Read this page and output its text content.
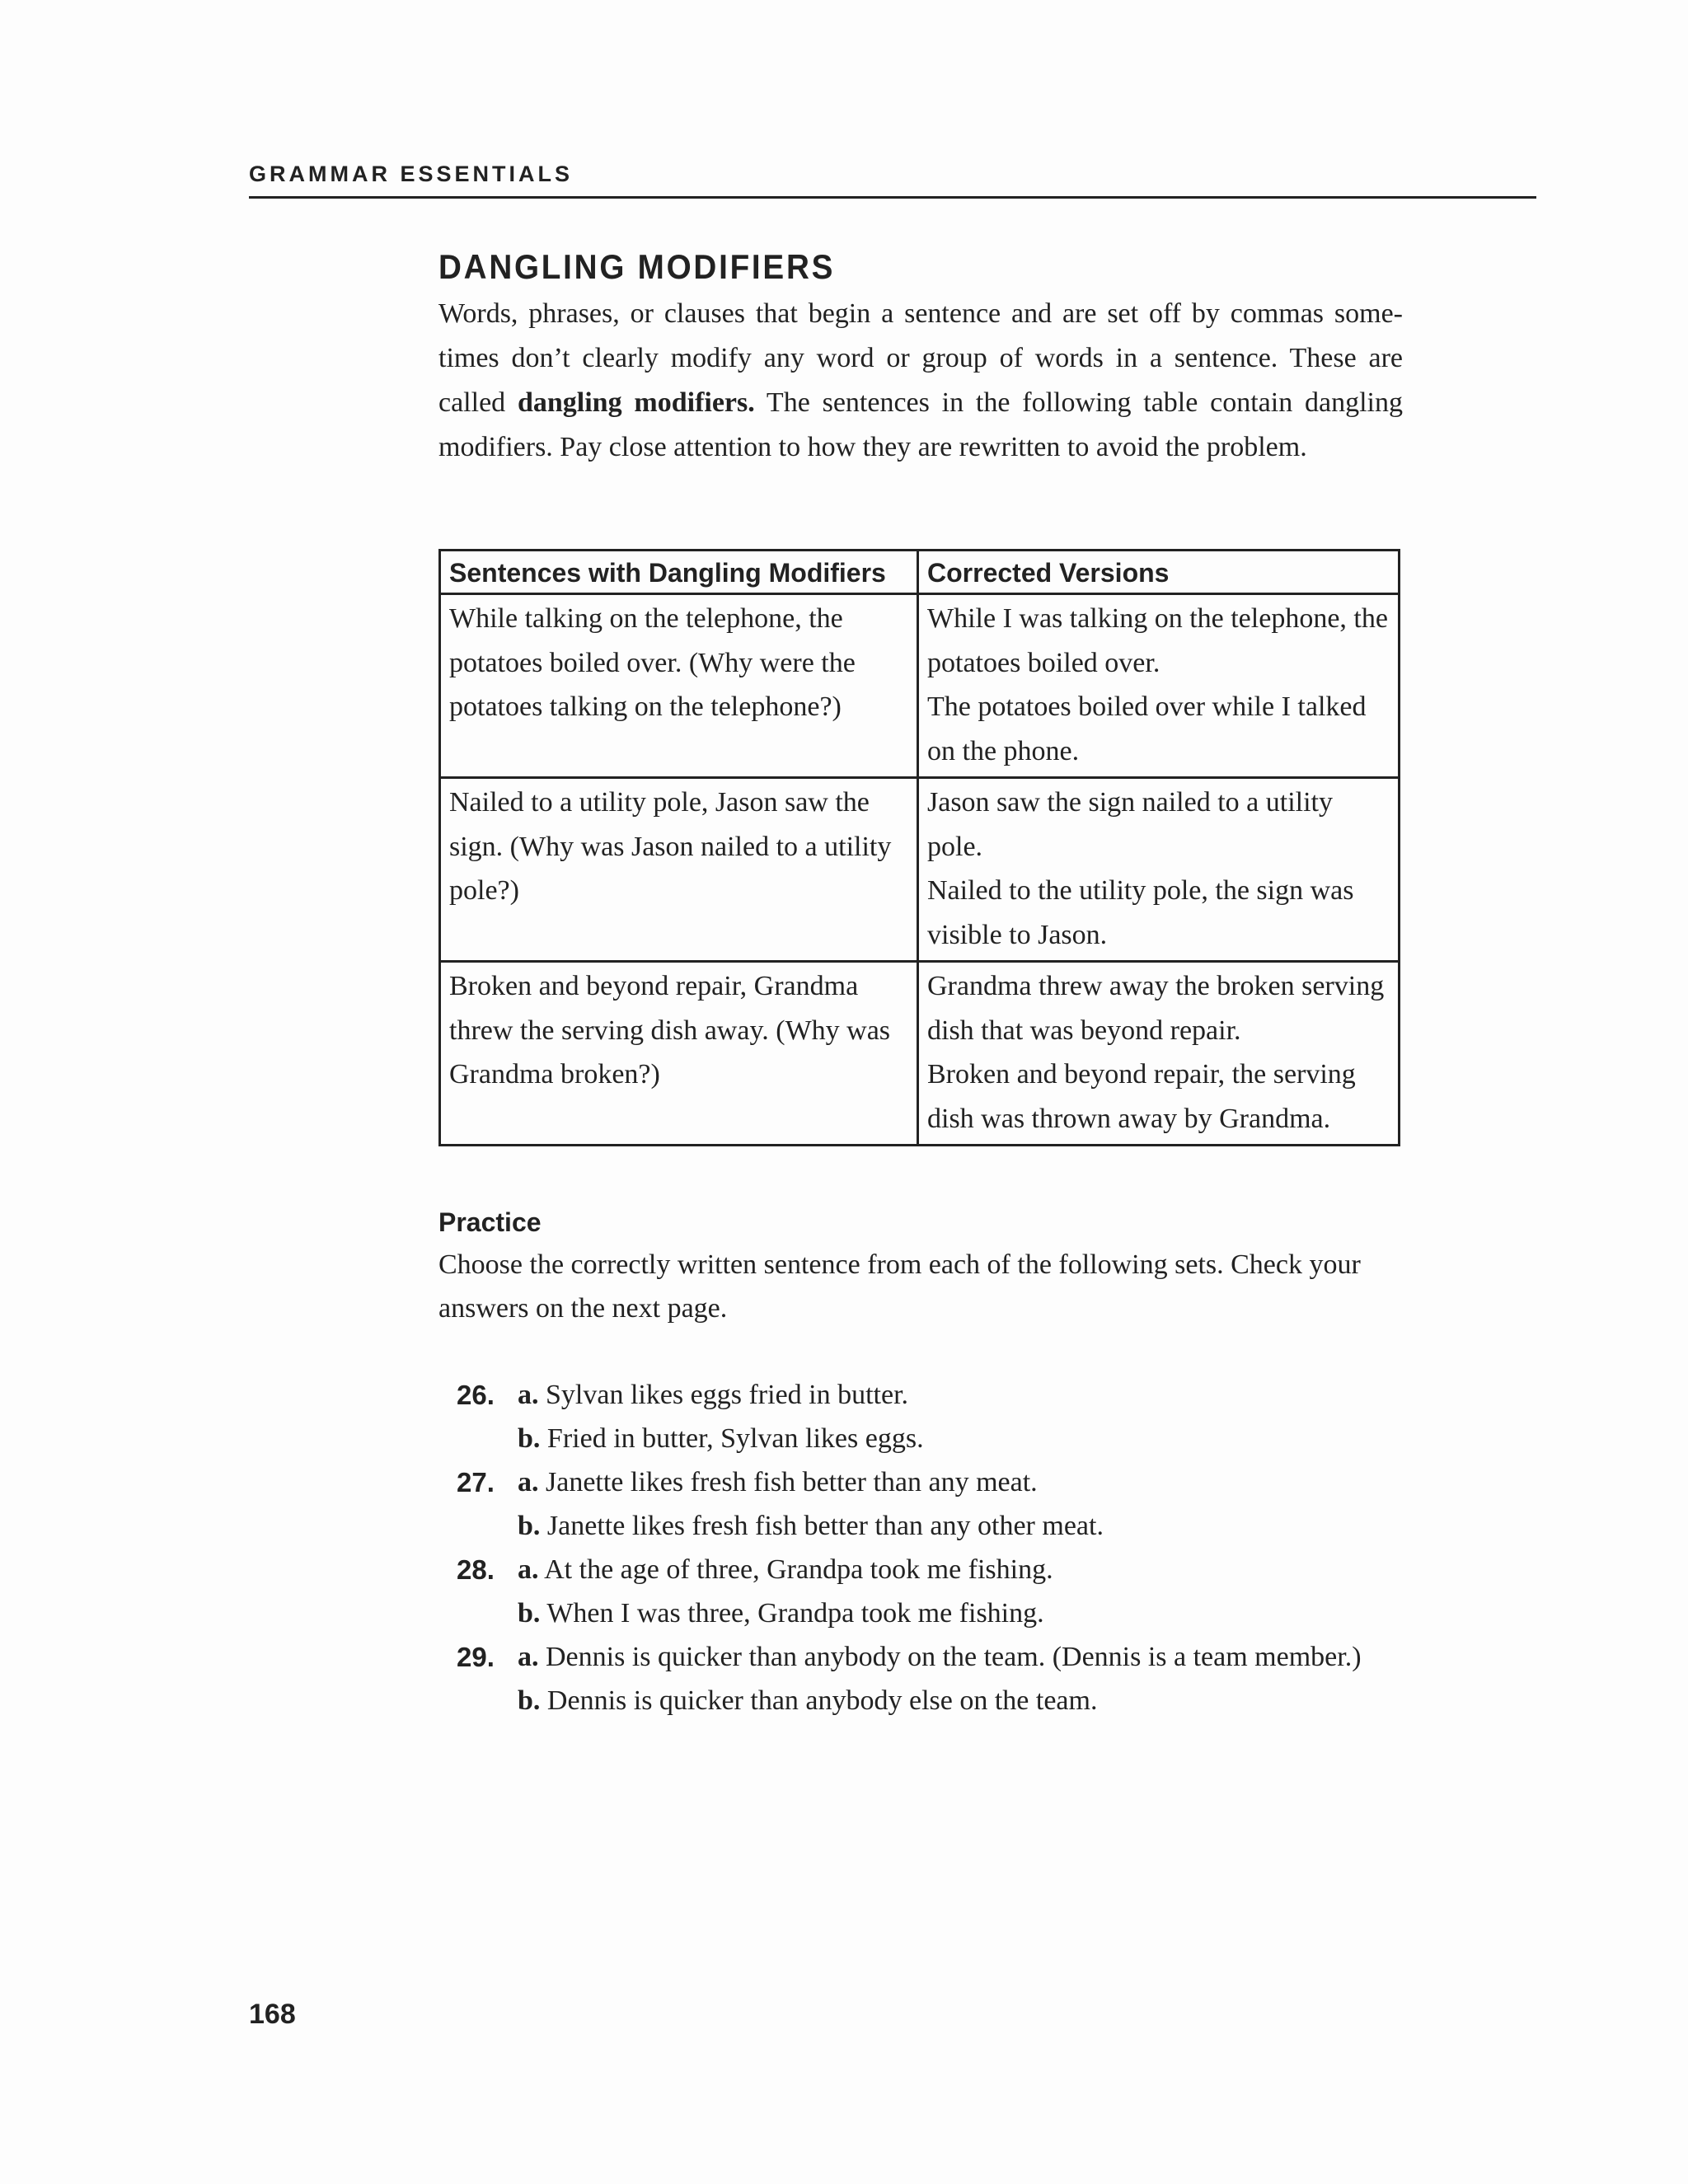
GRAMMAR ESSENTIALS
DANGLING MODIFIERS

Words, phrases, or clauses that begin a sentence and are set off by commas some- times don’t clearly modify any word or group of words in a sentence. These are called dangling modifiers. The sentences in the following table contain dangling modifiers. Pay close attention to how they are rewritten to avoid the problem.

Sentences with Dangling Modifiers	Corrected Versions
While talking on the telephone, the potatoes boiled over. (Why were the potatoes talking on the telephone?)	While I was talking on the telephone, the potatoes boiled over.
The potatoes boiled over while I talked on the phone.

Nailed to a utility pole, Jason saw the sign. (Why was Jason nailed to a utility pole?)	Jason saw the sign nailed to a utility pole.
Nailed to the utility pole, the sign was visible to Jason.

Broken and beyond repair, Grandma threw the serving dish away. (Why was Grandma broken?)	Grandma threw away the broken serving dish that was beyond repair.
Broken and beyond repair, the serving dish was thrown away by Grandma.
Practice

Choose the correctly written sentence from each of the following sets. Check your answers on the next page.

26. a. Sylvan likes eggs fried in butter.
b. Fried in butter, Sylvan likes eggs.
27. a. Janette likes fresh fish better than any meat.
b. Janette likes fresh fish better than any other meat.
28. a. At the age of three, Grandpa took me fishing.
b. When I was three, Grandpa took me fishing.
29. a. Dennis is quicker than anybody on the team. (Dennis is a team member.)
b. Dennis is quicker than anybody else on the team.
168
